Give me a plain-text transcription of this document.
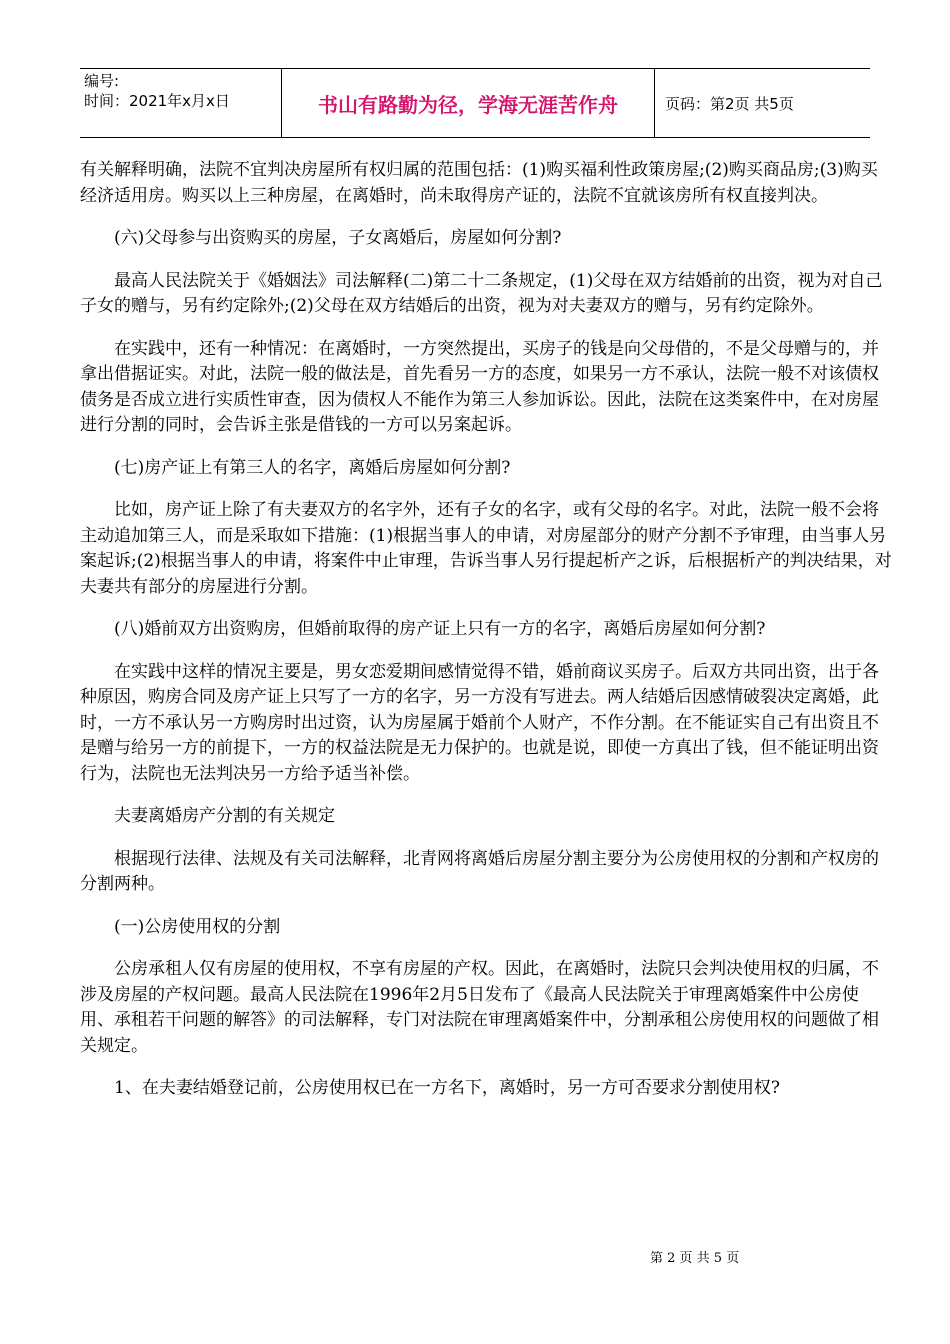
编号:
时间：2021年x月x日	书山有路勤为径，学海无涯苦作舟	页码：第2页 共5页

有关解释明确，法院不宜判决房屋所有权归属的范围包括：(1)购买福利性政策房屋;(2)购买商品房;(3)购买经济适用房。购买以上三种房屋，在离婚时，尚未取得房产证的，法院不宜就该房所有权直接判决。

(六)父母参与出资购买的房屋，子女离婚后，房屋如何分割?

最高人民法院关于《婚姻法》司法解释(二)第二十二条规定，(1)父母在双方结婚前的出资，视为对自己子女的赠与，另有约定除外;(2)父母在双方结婚后的出资，视为对夫妻双方的赠与，另有约定除外。

在实践中，还有一种情况：在离婚时，一方突然提出，买房子的钱是向父母借的，不是父母赠与的，并拿出借据证实。对此，法院一般的做法是，首先看另一方的态度，如果另一方不承认，法院一般不对该债权债务是否成立进行实质性审查，因为债权人不能作为第三人参加诉讼。因此，法院在这类案件中，在对房屋进行分割的同时，会告诉主张是借钱的一方可以另案起诉。

(七)房产证上有第三人的名字，离婚后房屋如何分割?

比如，房产证上除了有夫妻双方的名字外，还有子女的名字，或有父母的名字。对此，法院一般不会将主动追加第三人，而是采取如下措施：(1)根据当事人的申请，对房屋部分的财产分割不予审理，由当事人另案起诉;(2)根据当事人的申请，将案件中止审理，告诉当事人另行提起析产之诉，后根据析产的判决结果，对夫妻共有部分的房屋进行分割。

(八)婚前双方出资购房，但婚前取得的房产证上只有一方的名字，离婚后房屋如何分割?

在实践中这样的情况主要是，男女恋爱期间感情觉得不错，婚前商议买房子。后双方共同出资，出于各种原因，购房合同及房产证上只写了一方的名字，另一方没有写进去。两人结婚后因感情破裂决定离婚，此时，一方不承认另一方购房时出过资，认为房屋属于婚前个人财产，不作分割。在不能证实自己有出资且不是赠与给另一方的前提下，一方的权益法院是无力保护的。也就是说，即使一方真出了钱，但不能证明出资行为，法院也无法判决另一方给予适当补偿。

夫妻离婚房产分割的有关规定

根据现行法律、法规及有关司法解释，北青网将离婚后房屋分割主要分为公房使用权的分割和产权房的分割两种。

(一)公房使用权的分割

公房承租人仅有房屋的使用权，不享有房屋的产权。因此，在离婚时，法院只会判决使用权的归属，不涉及房屋的产权问题。最高人民法院在1996年2月5日发布了《最高人民法院关于审理离婚案件中公房使用、承租若干问题的解答》的司法解释，专门对法院在审理离婚案件中，分割承租公房使用权的问题做了相关规定。

1、在夫妻结婚登记前，公房使用权已在一方名下，离婚时，另一方可否要求分割使用权?

第 2 页 共 5 页
